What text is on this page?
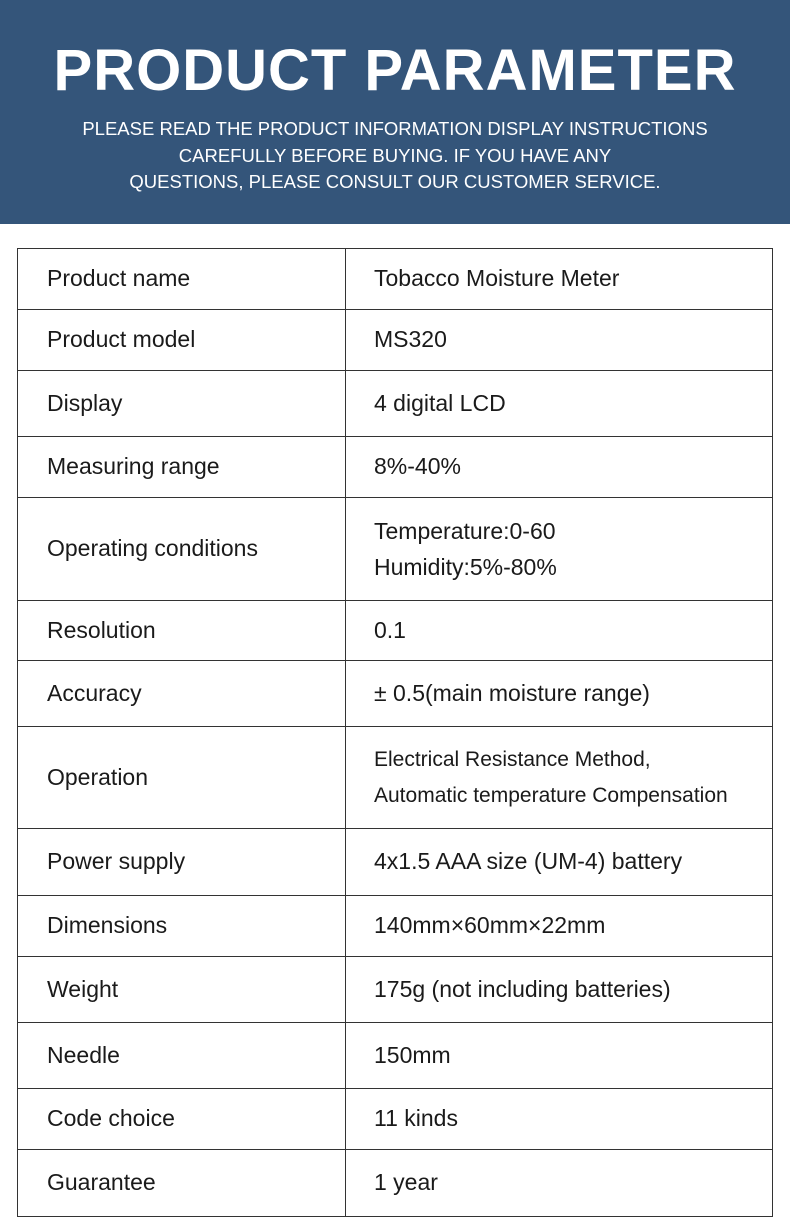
PRODUCT PARAMETER
PLEASE READ THE PRODUCT INFORMATION DISPLAY INSTRUCTIONS
CAREFULLY BEFORE BUYING. IF YOU HAVE ANY
QUESTIONS, PLEASE CONSULT OUR CUSTOMER SERVICE.
Product name	Tobacco Moisture Meter
Product model	MS320
Display	4 digital LCD
Measuring range	8%-40%
Operating conditions	Temperature:0-60
Humidity:5%-80%

Resolution	0.1
Accuracy	± 0.5(main moisture range)
Operation	Electrical Resistance Method,
Automatic temperature Compensation

Power supply	4x1.5 AAA size (UM-4) battery
Dimensions	140mm×60mm×22mm
Weight	175g (not including batteries)
Needle	150mm
Code choice	11 kinds
Guarantee	1 year
